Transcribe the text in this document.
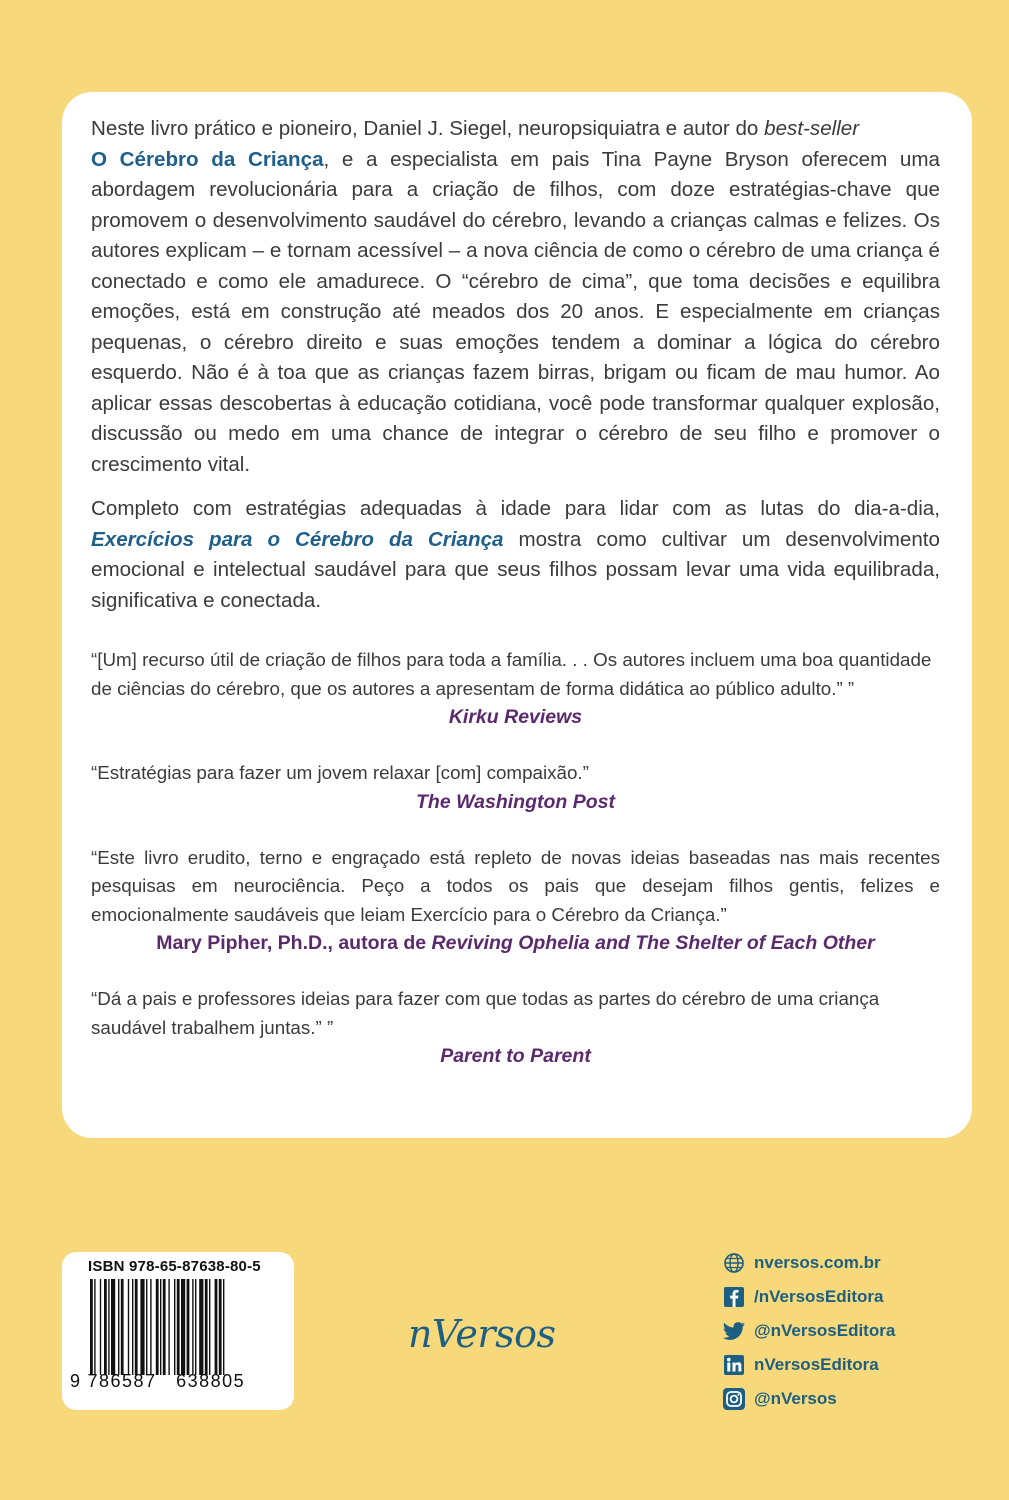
Neste livro prático e pioneiro, Daniel J. Siegel, neuropsiquiatra e autor do best-seller
O Cérebro da Criança, e a especialista em pais Tina Payne Bryson oferecem uma abordagem revolucionária para a criação de filhos, com doze estratégias-chave que promovem o desenvolvimento saudável do cérebro, levando a crianças calmas e felizes. Os autores explicam – e tornam acessível – a nova ciência de como o cérebro de uma criança é conectado e como ele amadurece. O “cérebro de cima”, que toma decisões e equilibra emoções, está em construção até meados dos 20 anos. E especialmente em crianças pequenas, o cérebro direito e suas emoções tendem a dominar a lógica do cérebro esquerdo. Não é à toa que as crianças fazem birras, brigam ou ficam de mau humor. Ao aplicar essas descobertas à educação cotidiana, você pode transformar qualquer explosão, discussão ou medo em uma chance de integrar o cérebro de seu filho e promover o crescimento vital.

Completo com estratégias adequadas à idade para lidar com as lutas do dia-a-dia, Exercícios para o Cérebro da Criança mostra como cultivar um desenvolvimento emocional e intelectual saudável para que seus filhos possam levar uma vida equilibrada, significativa e conectada.

“[Um] recurso útil de criação de filhos para toda a família. . . Os autores incluem uma boa quantidade de ciências do cérebro, que os autores a apresentam de forma didática ao público adulto.” ”

Kirku Reviews

“Estratégias para fazer um jovem relaxar [com] compaixão.”

The Washington Post

“Este livro erudito, terno e engraçado está repleto de novas ideias baseadas nas mais recentes pesquisas em neurociência. Peço a todos os pais que desejam filhos gentis, felizes e emocionalmente saudáveis que leiam Exercício para o Cérebro da Criança.”

Mary Pipher, Ph.D., autora de Reviving Ophelia and The Shelter of Each Other

“Dá a pais e professores ideias para fazer com que todas as partes do cérebro de uma criança saudável trabalhem juntas.” ”

Parent to Parent

ISBN 978-65-87638-80-5
9 786587 638805
nVersos
nversos.com.br
/nVersosEditora
@nVersosEditora
nVersosEditora
@nVersos
